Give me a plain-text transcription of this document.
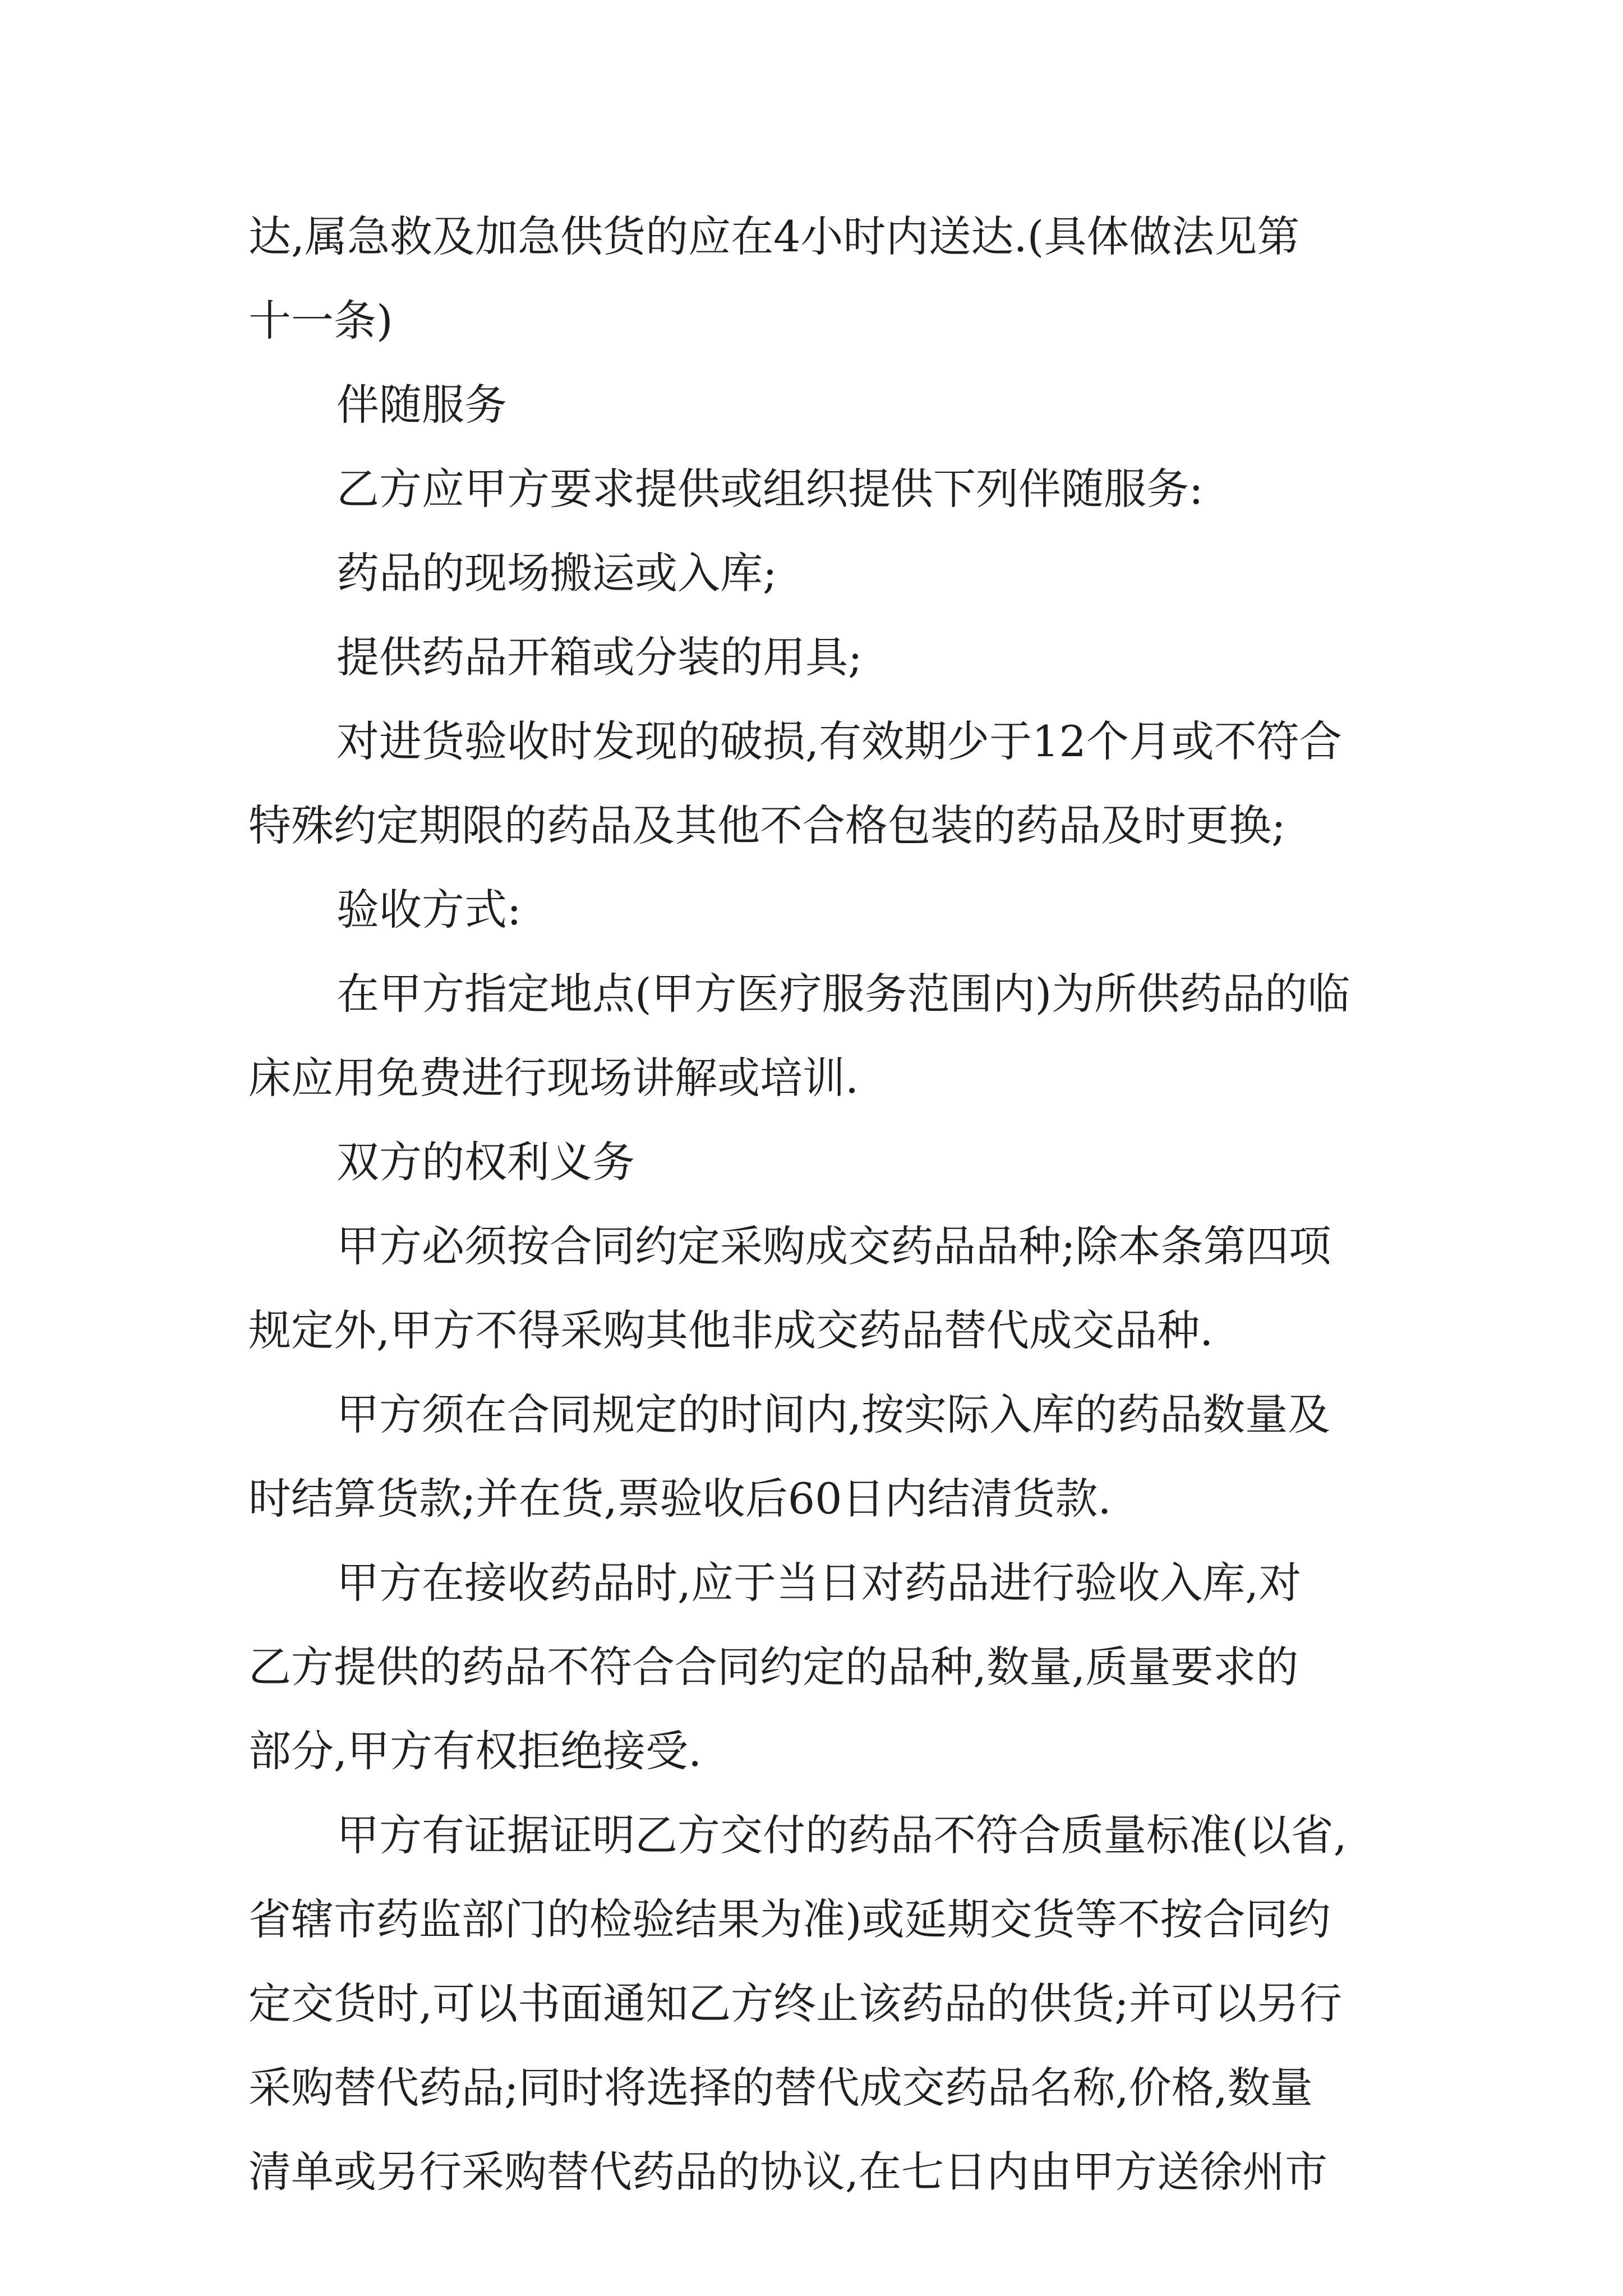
达,属急救及加急供货的应在4小时内送达.(具体做法见第

十一条)

伴随服务

乙方应甲方要求提供或组织提供下列伴随服务:

药品的现场搬运或入库;

提供药品开箱或分装的用具;

对进货验收时发现的破损,有效期少于12个月或不符合

特殊约定期限的药品及其他不合格包装的药品及时更换;

验收方式:

在甲方指定地点(甲方医疗服务范围内)为所供药品的临

床应用免费进行现场讲解或培训.

双方的权利义务

甲方必须按合同约定采购成交药品品种;除本条第四项

规定外,甲方不得采购其他非成交药品替代成交品种.

甲方须在合同规定的时间内,按实际入库的药品数量及

时结算货款;并在货,票验收后60日内结清货款.

甲方在接收药品时,应于当日对药品进行验收入库,对

乙方提供的药品不符合合同约定的品种,数量,质量要求的

部分,甲方有权拒绝接受.

甲方有证据证明乙方交付的药品不符合质量标准(以省,

省辖市药监部门的检验结果为准)或延期交货等不按合同约

定交货时,可以书面通知乙方终止该药品的供货;并可以另行

采购替代药品;同时将选择的替代成交药品名称,价格,数量

清单或另行采购替代药品的协议,在七日内由甲方送徐州市
